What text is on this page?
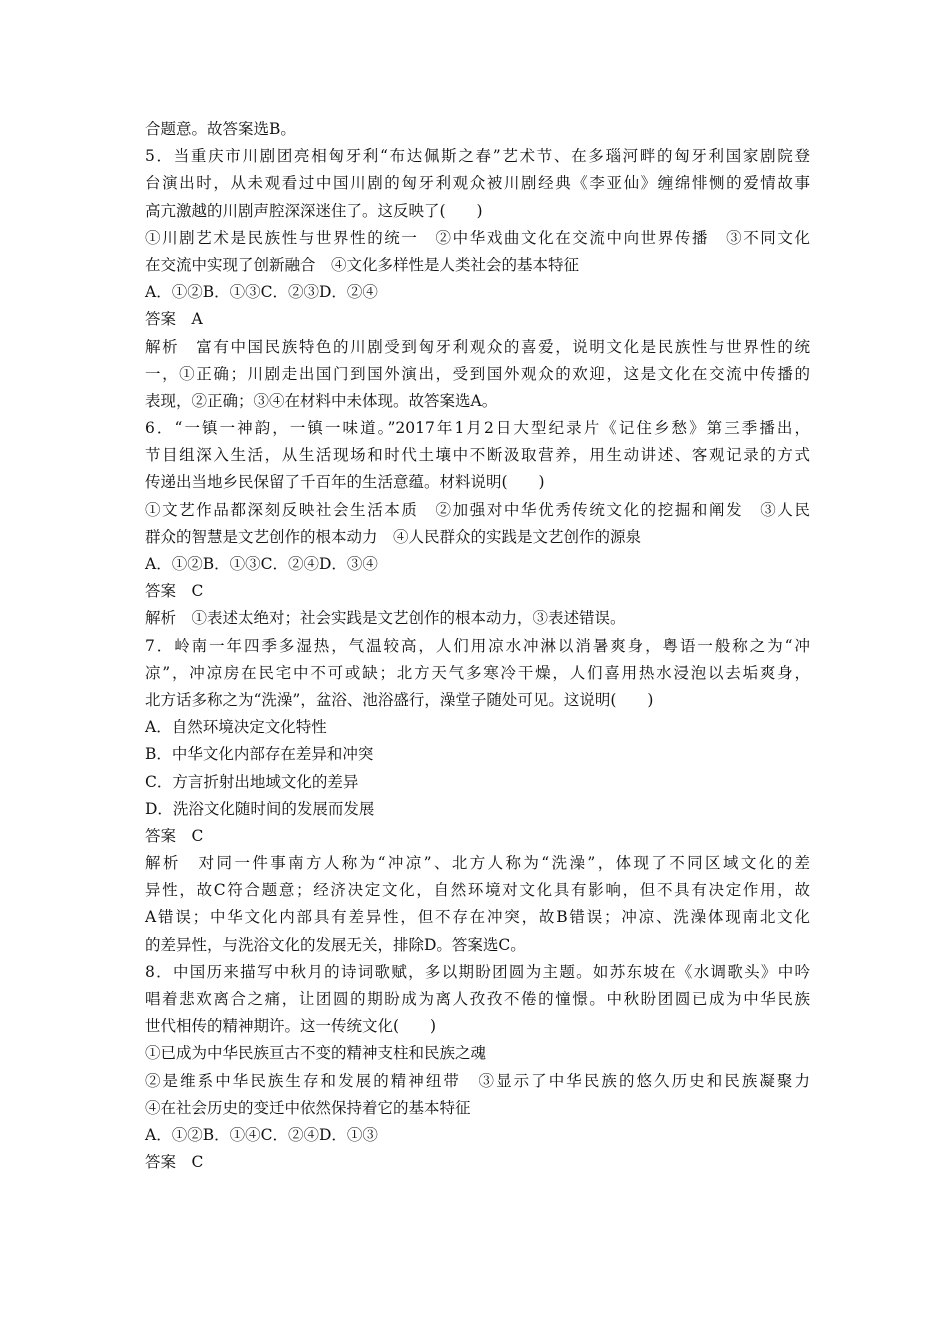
合题意。故答案选B。
5．当重庆市川剧团亮相匈牙利“布达佩斯之春”艺术节、在多瑙河畔的匈牙利国家剧院登
台演出时，从未观看过中国川剧的匈牙利观众被川剧经典《李亚仙》缠绵悱恻的爱情故事
高亢激越的川剧声腔深深迷住了。这反映了(　　)
①川剧艺术是民族性与世界性的统一　②中华戏曲文化在交流中向世界传播　③不同文化
在交流中实现了创新融合　④文化多样性是人类社会的基本特征
A．①②B．①③C．②③D．②④
答案　A
解析　富有中国民族特色的川剧受到匈牙利观众的喜爱，说明文化是民族性与世界性的统
一，①正确；川剧走出国门到国外演出，受到国外观众的欢迎，这是文化在交流中传播的
表现，②正确；③④在材料中未体现。故答案选A。
6．“一镇一神韵，一镇一味道。”2017年1月2日大型纪录片《记住乡愁》第三季播出，
节目组深入生活，从生活现场和时代土壤中不断汲取营养，用生动讲述、客观记录的方式
传递出当地乡民保留了千百年的生活意蕴。材料说明(　　)
①文艺作品都深刻反映社会生活本质　②加强对中华优秀传统文化的挖掘和阐发　③人民
群众的智慧是文艺创作的根本动力　④人民群众的实践是文艺创作的源泉
A．①②B．①③C．②④D．③④
答案　C
解析　①表述太绝对；社会实践是文艺创作的根本动力，③表述错误。
7．岭南一年四季多湿热，气温较高，人们用凉水冲淋以消暑爽身，粤语一般称之为“冲
凉”，冲凉房在民宅中不可或缺；北方天气多寒冷干燥，人们喜用热水浸泡以去垢爽身，
北方话多称之为“洗澡”，盆浴、池浴盛行，澡堂子随处可见。这说明(　　)
A．自然环境决定文化特性
B．中华文化内部存在差异和冲突
C．方言折射出地域文化的差异
D．洗浴文化随时间的发展而发展
答案　C
解析　对同一件事南方人称为“冲凉”、北方人称为“洗澡”，体现了不同区域文化的差
异性，故C符合题意；经济决定文化，自然环境对文化具有影响，但不具有决定作用，故
A错误；中华文化内部具有差异性，但不存在冲突，故B错误；冲凉、洗澡体现南北文化
的差异性，与洗浴文化的发展无关，排除D。答案选C。
8．中国历来描写中秋月的诗词歌赋，多以期盼团圆为主题。如苏东坡在《水调歌头》中吟
唱着悲欢离合之痛，让团圆的期盼成为离人孜孜不倦的憧憬。中秋盼团圆已成为中华民族
世代相传的精神期许。这一传统文化(　　)
①已成为中华民族亘古不变的精神支柱和民族之魂
②是维系中华民族生存和发展的精神纽带　③显示了中华民族的悠久历史和民族凝聚力
④在社会历史的变迁中依然保持着它的基本特征
A．①②B．①④C．②④D．①③
答案　C
